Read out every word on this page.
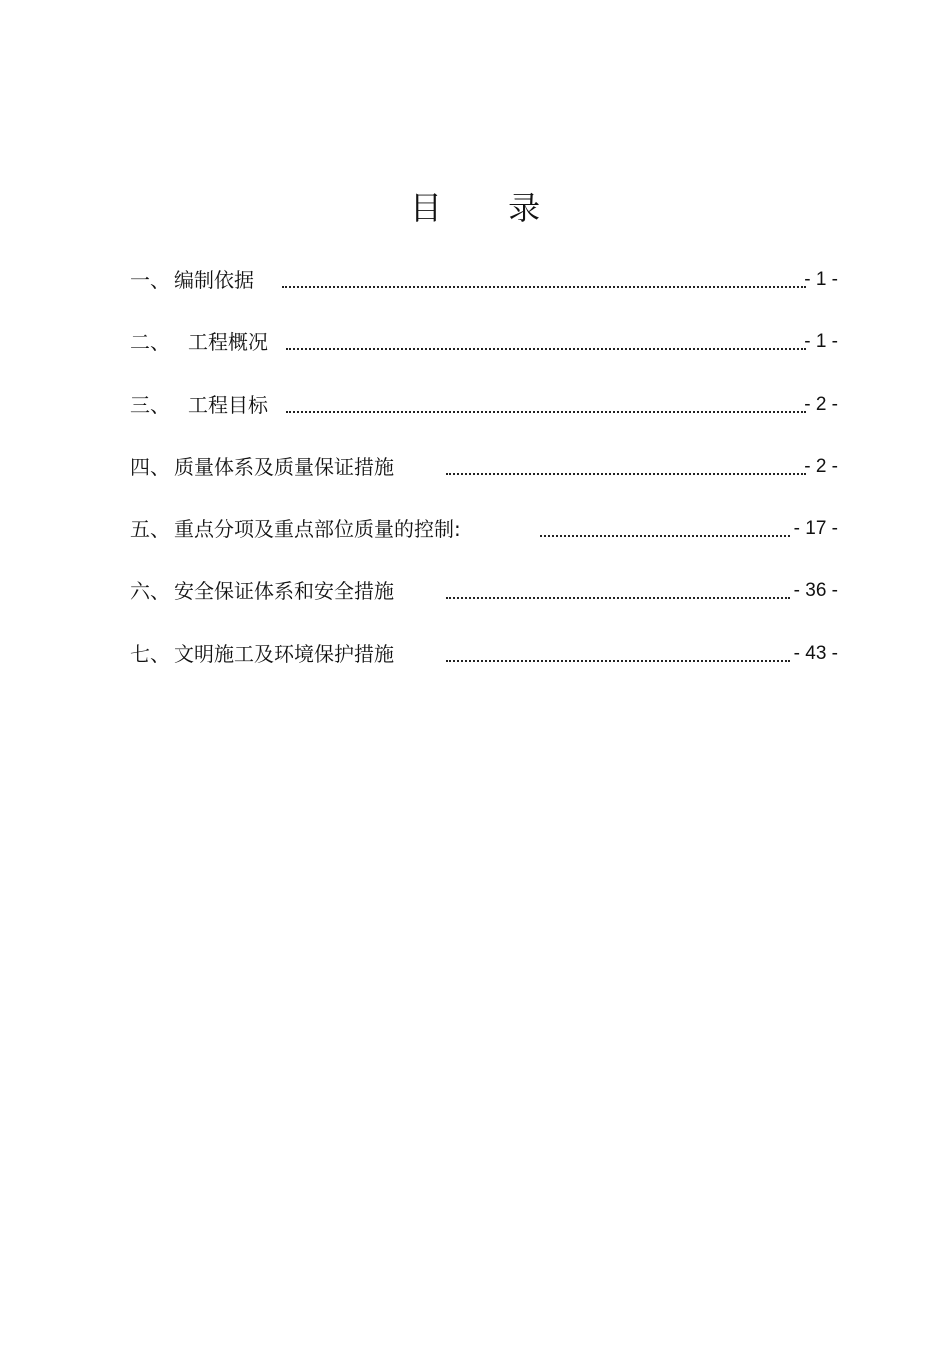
目 录
一、 编制依据	- 1 -
二、 工程概况	- 1 -
三、 工程目标	- 2 -
四、 质量体系及质量保证措施	- 2 -
五、 重点分项及重点部位质量的控制:	- 17 -
六、 安全保证体系和安全措施	- 36 -
七、 文明施工及环境保护措施	- 43 -
